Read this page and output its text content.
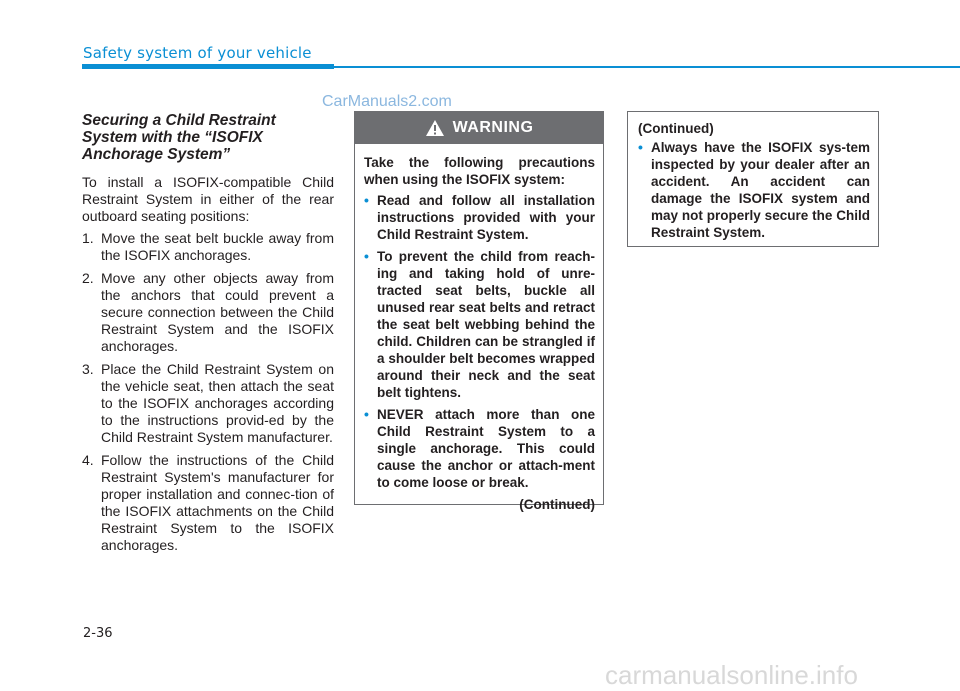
Safety system of your vehicle
CarManuals2.com

Securing a Child Restraint System with the “ISOFIX Anchorage System”

To install a ISOFIX-compatible Child Restraint System in either of the rear outboard seating positions:

1. Move the seat belt buckle away from the ISOFIX anchorages.
2. Move any other objects away from the anchors that could prevent a secure connection between the Child Restraint System and the ISOFIX anchorages.
3. Place the Child Restraint System on the vehicle seat, then attach the seat to the ISOFIX anchorages according to the instructions provid-ed by the Child Restraint System manufacturer.
4. Follow the instructions of the Child Restraint System's manufacturer for proper installation and connec-tion of the ISOFIX attachments on the Child Restraint System to the ISOFIX anchorages.
WARNING

Take the following precautions when using the ISOFIX system:

• Read and follow all installation instructions provided with your Child Restraint System.
• To prevent the child from reach-ing and taking hold of unre-tracted seat belts, buckle all unused rear seat belts and retract the seat belt webbing behind the child. Children can be strangled if a shoulder belt becomes wrapped around their neck and the seat belt tightens.
• NEVER attach more than one Child Restraint System to a single anchorage. This could cause the anchor or attach-ment to come loose or break.
(Continued)

(Continued)

• Always have the ISOFIX sys-tem inspected by your dealer after an accident. An accident can damage the ISOFIX system and may not properly secure the Child Restraint System.
2-36
carmanualsonline.info
